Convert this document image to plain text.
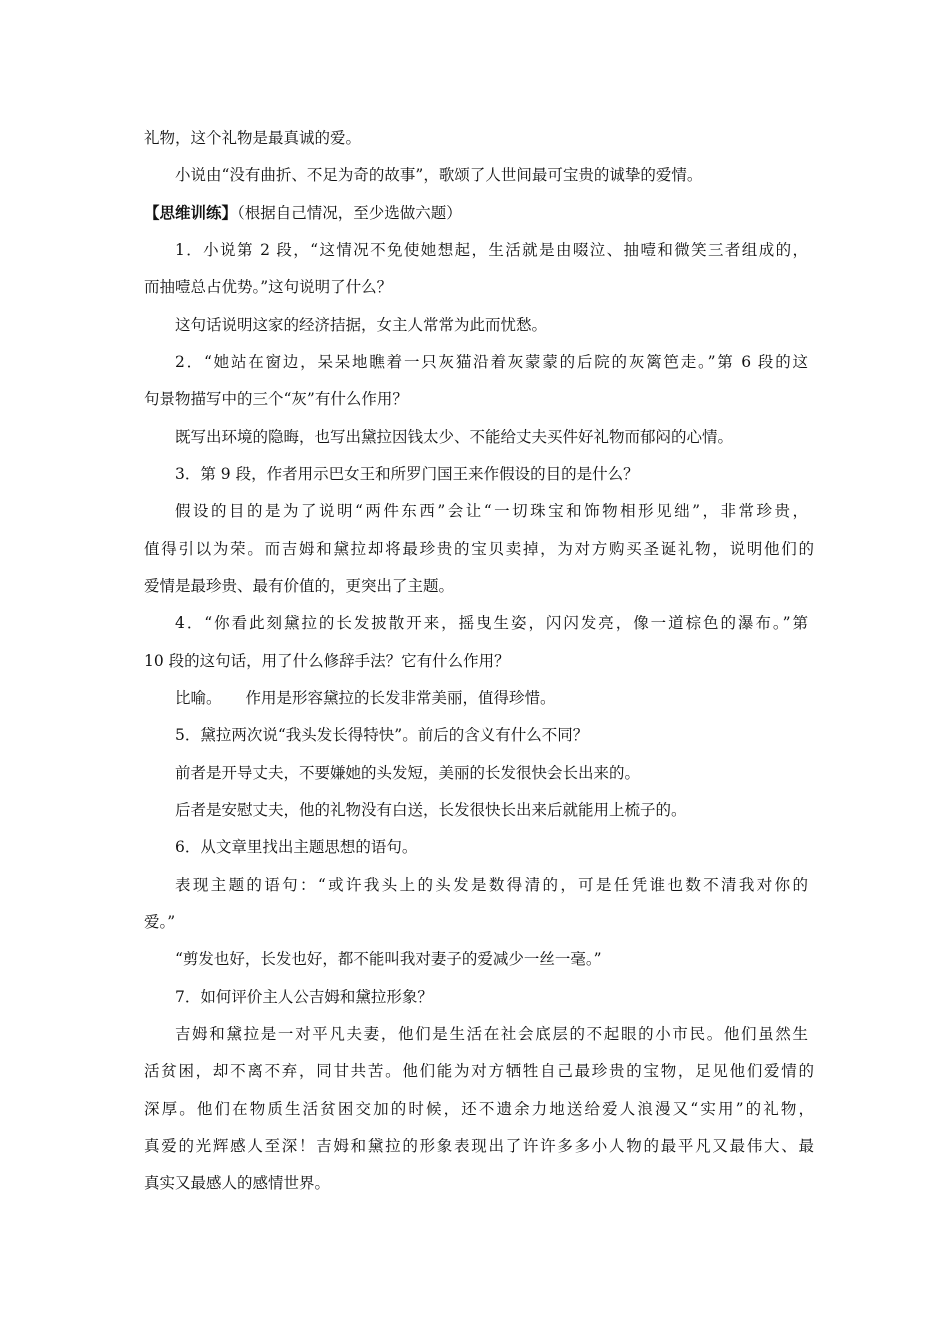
礼物，这个礼物是最真诚的爱。
小说由“没有曲折、不足为奇的故事”，歌颂了人世间最可宝贵的诚挚的爱情。
【思维训练】（根据自己情况，至少选做六题）
1．小说第 2 段，“这情况不免使她想起，生活就是由啜泣、抽噎和微笑三者组成的，
而抽噎总占优势。”这句说明了什么？
这句话说明这家的经济拮据，女主人常常为此而忧愁。
2．“她站在窗边，呆呆地瞧着一只灰猫沿着灰蒙蒙的后院的灰篱笆走。”第 6 段的这
句景物描写中的三个“灰”有什么作用？
既写出环境的隐晦，也写出黛拉因钱太少、不能给丈夫买件好礼物而郁闷的心情。
3．第 9 段，作者用示巴女王和所罗门国王来作假设的目的是什么？
假设的目的是为了说明“两件东西”会让“一切珠宝和饰物相形见绌”，非常珍贵，
值得引以为荣。而吉姆和黛拉却将最珍贵的宝贝卖掉，为对方购买圣诞礼物，说明他们的
爱情是最珍贵、最有价值的，更突出了主题。
4．“你看此刻黛拉的长发披散开来，摇曳生姿，闪闪发亮，像一道棕色的瀑布。”第
10 段的这句话，用了什么修辞手法？它有什么作用？
比喻。 作用是形容黛拉的长发非常美丽，值得珍惜。
5．黛拉两次说“我头发长得特快”。前后的含义有什么不同？
前者是开导丈夫，不要嫌她的头发短，美丽的长发很快会长出来的。
后者是安慰丈夫，他的礼物没有白送，长发很快长出来后就能用上梳子的。
6．从文章里找出主题思想的语句。
表现主题的语句：“或许我头上的头发是数得清的，可是任凭谁也数不清我对你的
爱。”
“剪发也好，长发也好，都不能叫我对妻子的爱减少一丝一毫。”
7．如何评价主人公吉姆和黛拉形象？
吉姆和黛拉是一对平凡夫妻，他们是生活在社会底层的不起眼的小市民。他们虽然生
活贫困，却不离不弃，同甘共苦。他们能为对方牺牲自己最珍贵的宝物，足见他们爱情的
深厚。他们在物质生活贫困交加的时候，还不遗余力地送给爱人浪漫又“实用”的礼物，
真爱的光辉感人至深！吉姆和黛拉的形象表现出了许许多多小人物的最平凡又最伟大、最
真实又最感人的感情世界。
